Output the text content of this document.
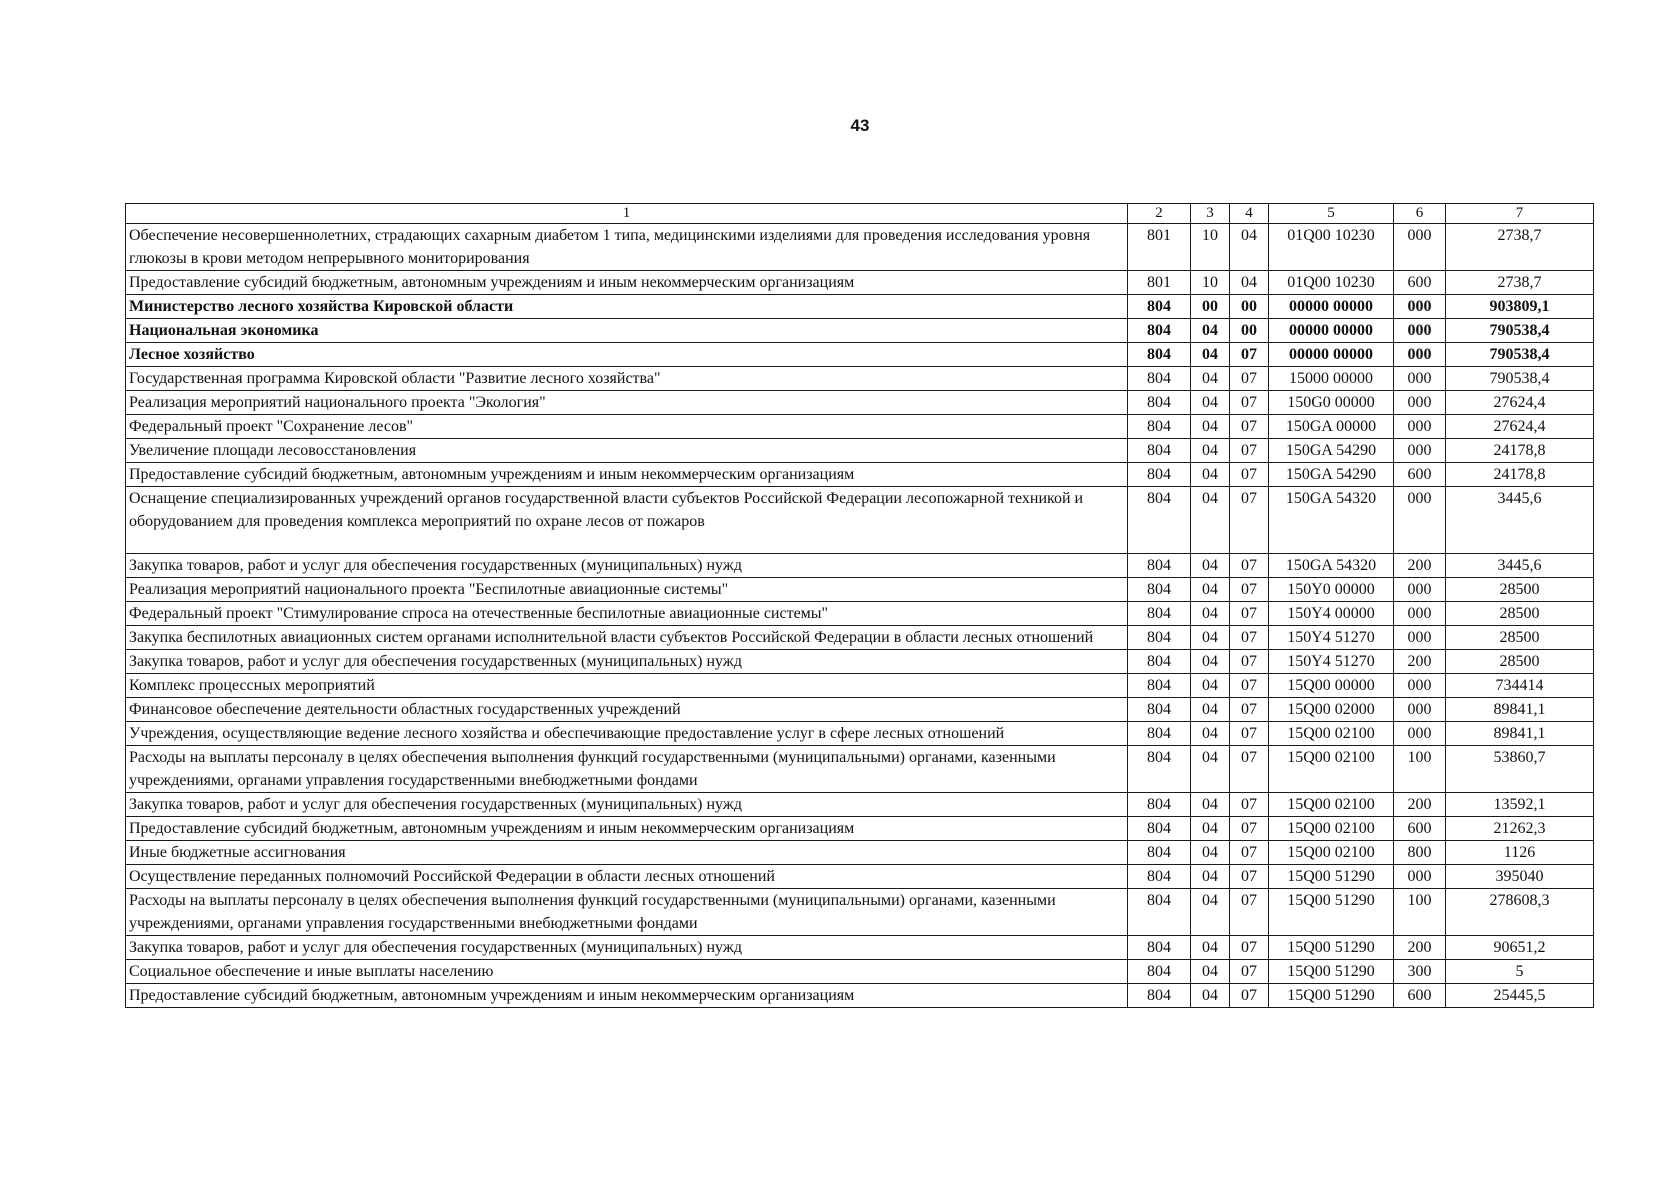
43
1	2	3	4	5	6	7
Обеспечение несовершеннолетних, страдающих сахарным диабетом 1 типа, медицинскими изделиями для проведения исследования уровня глюкозы в крови методом непрерывного мониторирования	801	10	04	01Q00 10230	000	2738,7
Предоставление субсидий бюджетным, автономным учреждениям и иным некоммерческим организациям	801	10	04	01Q00 10230	600	2738,7
Министерство лесного хозяйства Кировской области	804	00	00	00000 00000	000	903809,1
Национальная экономика	804	04	00	00000 00000	000	790538,4
Лесное хозяйство	804	04	07	00000 00000	000	790538,4
Государственная программа Кировской области "Развитие лесного хозяйства"	804	04	07	15000 00000	000	790538,4
Реализация мероприятий национального проекта "Экология"	804	04	07	150G0 00000	000	27624,4
Федеральный проект "Сохранение лесов"	804	04	07	150GA 00000	000	27624,4
Увеличение площади лесовосстановления	804	04	07	150GA 54290	000	24178,8
Предоставление субсидий бюджетным, автономным учреждениям и иным некоммерческим организациям	804	04	07	150GA 54290	600	24178,8
Оснащение специализированных учреждений органов государственной власти субъектов Российской Федерации лесопожарной техникой и оборудованием для проведения комплекса мероприятий по охране лесов от пожаров	804	04	07	150GA 54320	000	3445,6
Закупка товаров, работ и услуг для обеспечения государственных (муниципальных) нужд	804	04	07	150GA 54320	200	3445,6
Реализация мероприятий национального проекта "Беспилотные авиационные системы"	804	04	07	150Y0 00000	000	28500
Федеральный проект "Стимулирование спроса на отечественные беспилотные авиационные системы"	804	04	07	150Y4 00000	000	28500
Закупка беспилотных авиационных систем органами исполнительной власти субъектов Российской Федерации в области лесных отношений	804	04	07	150Y4 51270	000	28500
Закупка товаров, работ и услуг для обеспечения государственных (муниципальных) нужд	804	04	07	150Y4 51270	200	28500
Комплекс процессных мероприятий	804	04	07	15Q00 00000	000	734414
Финансовое обеспечение деятельности областных государственных учреждений	804	04	07	15Q00 02000	000	89841,1
Учреждения, осуществляющие ведение лесного хозяйства и обеспечивающие предоставление услуг в сфере лесных отношений	804	04	07	15Q00 02100	000	89841,1
Расходы на выплаты персоналу в целях обеспечения выполнения функций государственными (муниципальными) органами, казенными учреждениями, органами управления государственными внебюджетными фондами	804	04	07	15Q00 02100	100	53860,7
Закупка товаров, работ и услуг для обеспечения государственных (муниципальных) нужд	804	04	07	15Q00 02100	200	13592,1
Предоставление субсидий бюджетным, автономным учреждениям и иным некоммерческим организациям	804	04	07	15Q00 02100	600	21262,3
Иные бюджетные ассигнования	804	04	07	15Q00 02100	800	1126
Осуществление переданных полномочий Российской Федерации в области лесных отношений	804	04	07	15Q00 51290	000	395040
Расходы на выплаты персоналу в целях обеспечения выполнения функций государственными (муниципальными) органами, казенными учреждениями, органами управления государственными внебюджетными фондами	804	04	07	15Q00 51290	100	278608,3
Закупка товаров, работ и услуг для обеспечения государственных (муниципальных) нужд	804	04	07	15Q00 51290	200	90651,2
Социальное обеспечение и иные выплаты населению	804	04	07	15Q00 51290	300	5
Предоставление субсидий бюджетным, автономным учреждениям и иным некоммерческим организациям	804	04	07	15Q00 51290	600	25445,5
